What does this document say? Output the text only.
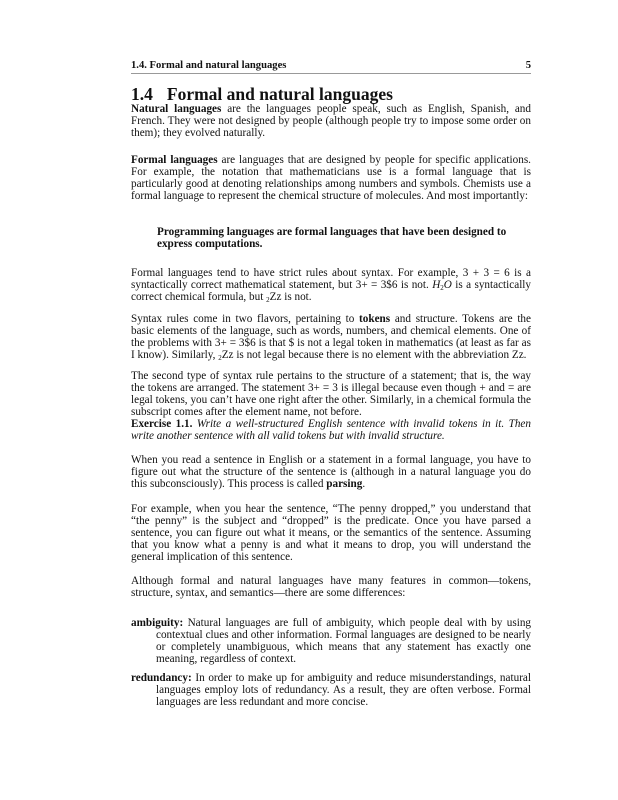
1.4. Formal and natural languages	5
1.4 Formal and natural languages

Natural languages are the languages people speak, such as English, Spanish, and French. They were not designed by people (although people try to impose some order on them); they evolved naturally.

Formal languages are languages that are designed by people for specific applications. For example, the notation that mathematicians use is a formal language that is particularly good at denoting relationships among numbers and symbols. Chemists use a formal language to represent the chemical structure of molecules. And most importantly:

Programming languages are formal languages that have been designed to express computations.

Formal languages tend to have strict rules about syntax. For example, 3 + 3 = 6 is a syntactically correct mathematical statement, but 3+ = 3$6 is not. $H_2O$ is a syntactically correct chemical formula, but $_2$Zz is not.

Syntax rules come in two flavors, pertaining to tokens and structure. Tokens are the basic elements of the language, such as words, numbers, and chemical elements. One of the problems with 3+ = 3$6 is that $ is not a legal token in mathematics (at least as far as I know). Similarly, $_2$Zz is not legal because there is no element with the abbreviation Zz.

The second type of syntax rule pertains to the structure of a statement; that is, the way the tokens are arranged. The statement 3+ = 3 is illegal because even though + and = are legal tokens, you can’t have one right after the other. Similarly, in a chemical formula the subscript comes after the element name, not before.
Exercise 1.1. Write a well-structured English sentence with invalid tokens in it. Then write another sentence with all valid tokens but with invalid structure.

When you read a sentence in English or a statement in a formal language, you have to figure out what the structure of the sentence is (although in a natural language you do this subconsciously). This process is called parsing.

For example, when you hear the sentence, “The penny dropped,” you understand that “the penny” is the subject and “dropped” is the predicate. Once you have parsed a sentence, you can figure out what it means, or the semantics of the sentence. Assuming that you know what a penny is and what it means to drop, you will understand the general implication of this sentence.

Although formal and natural languages have many features in common—tokens, structure, syntax, and semantics—there are some differences:

ambiguity: Natural languages are full of ambiguity, which people deal with by using contextual clues and other information. Formal languages are designed to be nearly or completely unambiguous, which means that any statement has exactly one meaning, regardless of context.

redundancy: In order to make up for ambiguity and reduce misunderstandings, natural languages employ lots of redundancy. As a result, they are often verbose. Formal languages are less redundant and more concise.
